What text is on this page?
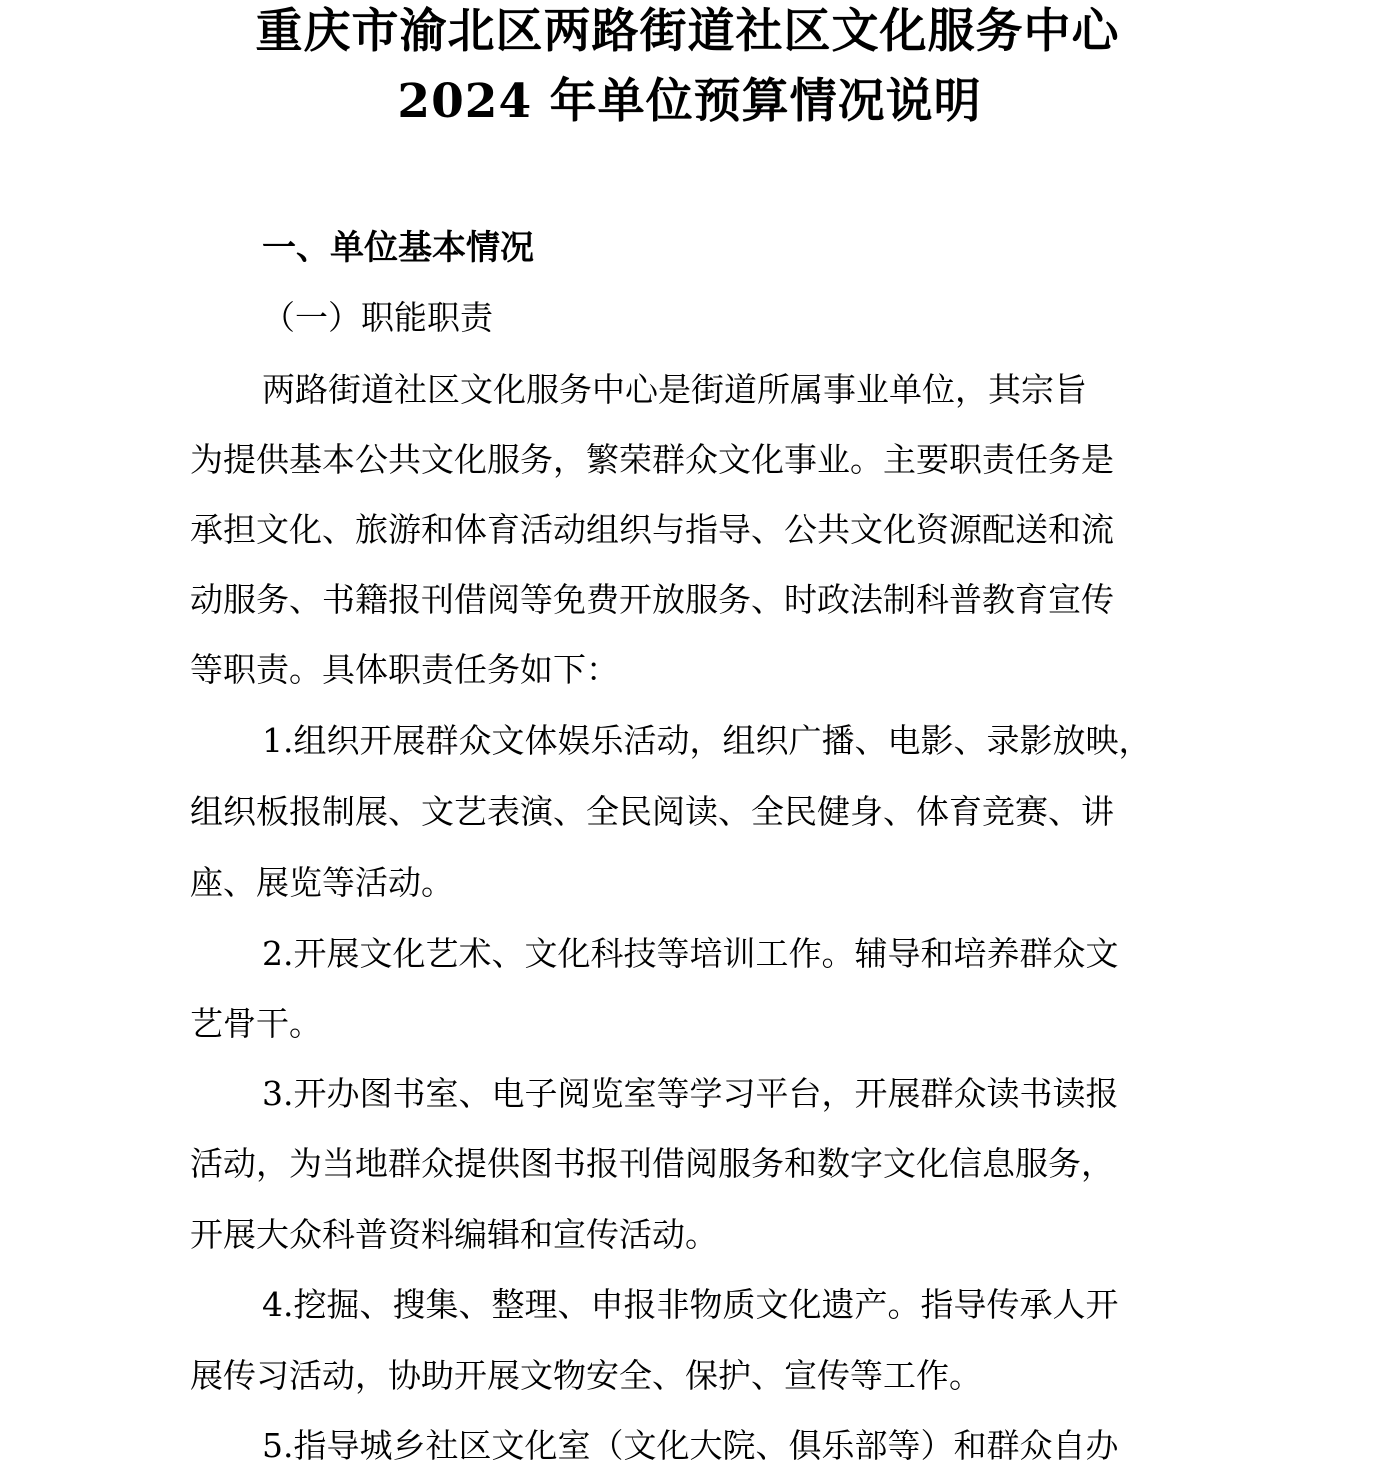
重庆市渝北区两路街道社区文化服务中心
2024 年单位预算情况说明
一、单位基本情况
（一）职能职责
两路街道社区文化服务中心是街道所属事业单位，其宗旨
为提供基本公共文化服务，繁荣群众文化事业。主要职责任务是
承担文化、旅游和体育活动组织与指导、公共文化资源配送和流
动服务、书籍报刊借阅等免费开放服务、时政法制科普教育宣传
等职责。具体职责任务如下：
1.组织开展群众文体娱乐活动，组织广播、电影、录影放映，
组织板报制展、文艺表演、全民阅读、全民健身、体育竞赛、讲
座、展览等活动。
2.开展文化艺术、文化科技等培训工作。辅导和培养群众文
艺骨干。
3.开办图书室、电子阅览室等学习平台，开展群众读书读报
活动，为当地群众提供图书报刊借阅服务和数字文化信息服务，
开展大众科普资料编辑和宣传活动。
4.挖掘、搜集、整理、申报非物质文化遗产。指导传承人开
展传习活动，协助开展文物安全、保护、宣传等工作。
5.指导城乡社区文化室（文化大院、俱乐部等）和群众自办
